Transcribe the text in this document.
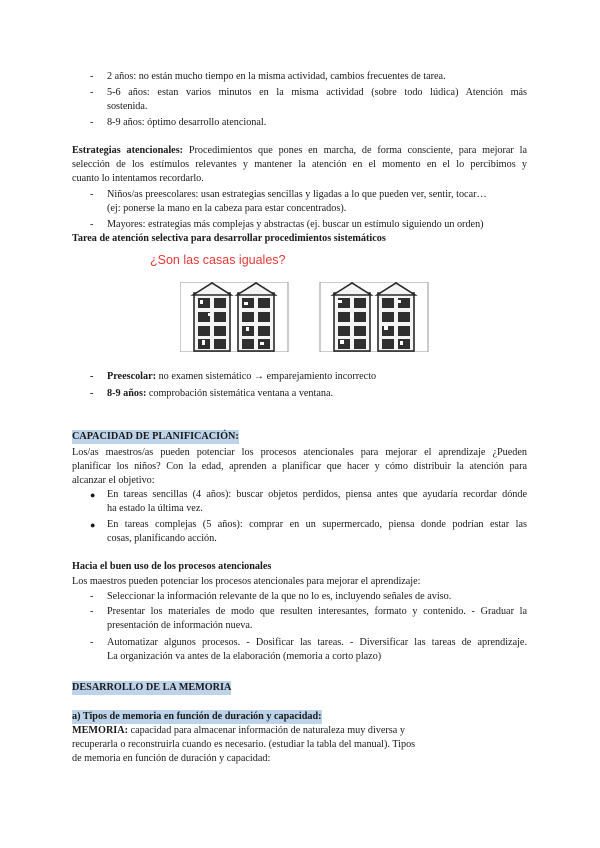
- 2 años: no están mucho tiempo en la misma actividad, cambios frecuentes de tarea.
- 5-6 años: estan varios minutos en la misma actividad (sobre todo lúdica) Atención más
sostenida.
- 8-9 años: óptimo desarrollo atencional.
Estrategias atencionales: Procedimientos que pones en marcha, de forma consciente, para mejorar la
selección de los estímulos relevantes y mantener la atención en el momento en el lo percibimos y
cuanto lo intentamos recordarlo.
- Niños/as preescolares: usan estrategias sencillas y ligadas a lo que pueden ver, sentir, tocar…
(ej: ponerse la mano en la cabeza para estar concentrados).
- Mayores: estrategias más complejas y abstractas (ej. buscar un estímulo siguiendo un orden)
Tarea de atención selectiva para desarrollar procedimientos sistemáticos
¿Son las casas iguales?
- Preescolar: no examen sistemático → emparejamiento incorrecto
- 8-9 años: comprobación sistemática ventana a ventana.
CAPACIDAD DE PLANIFICACIÓN:
Los/as maestros/as pueden potenciar los procesos atencionales para mejorar el aprendizaje ¿Pueden
planificar los niños? Con la edad, aprenden a planificar que hacer y cómo distribuir la atención para
alcanzar el objetivo:
● En tareas sencillas (4 años): buscar objetos perdidos, piensa antes que ayudaría recordar dónde
ha estado la última vez.
● En tareas complejas (5 años): comprar en un supermercado, piensa donde podrían estar las
cosas, planificando acción.
Hacia el buen uso de los procesos atencionales
Los maestros pueden potenciar los procesos atencionales para mejorar el aprendizaje:
- Seleccionar la información relevante de la que no lo es, incluyendo señales de aviso.
- Presentar los materiales de modo que resulten interesantes, formato y contenido. - Graduar la
presentación de información nueva.
- Automatizar algunos procesos. - Dosificar las tareas. - Diversificar las tareas de aprendizaje.
La organización va antes de la elaboración (memoria a corto plazo)
DESARROLLO DE LA MEMORIA
a) Tipos de memoria en función de duración y capacidad:
MEMORIA: capacidad para almacenar información de naturaleza muy diversa y
recuperarla o reconstruirla cuando es necesario. (estudiar la tabla del manual). Tipos
de memoria en función de duración y capacidad:
